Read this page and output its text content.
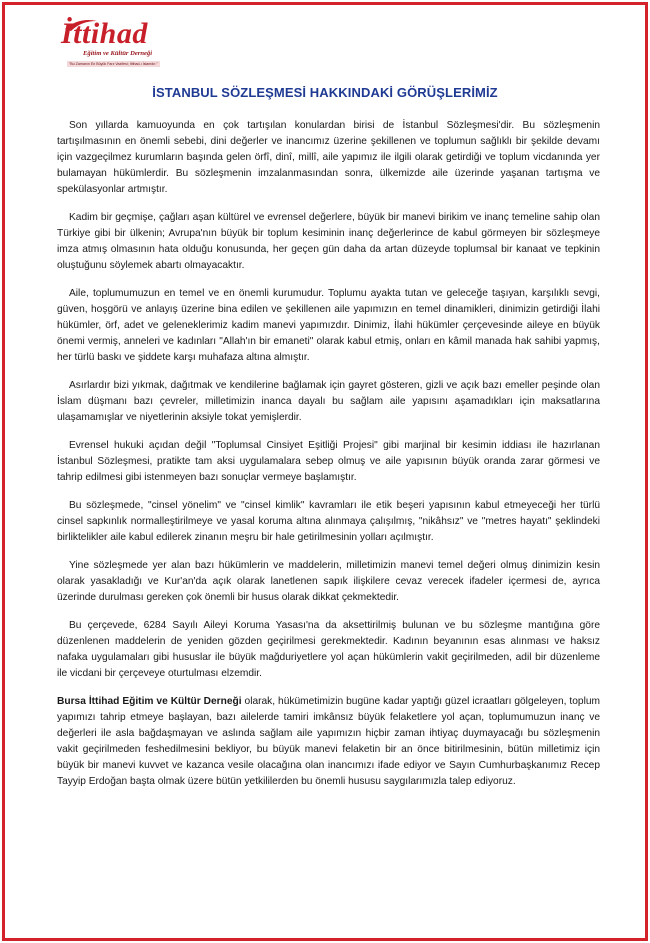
İttihad
Eğitim ve Kültür Derneği
"Bu Zamanın En Büyük Farz Vazifesi; İttihad-ı İslamdır."
İSTANBUL SÖZLEŞMESİ HAKKINDAKİ GÖRÜŞLERİMİZ

Son yıllarda kamuoyunda en çok tartışılan konulardan birisi de İstanbul Sözleşmesi'dir. Bu sözleşmenin tartışılmasının en önemli sebebi, dini değerler ve inancımız üzerine şekillenen ve toplumun sağlıklı bir şekilde devamı için vazgeçilmez kurumların başında gelen örfî, dinî, millî, aile yapımız ile ilgili olarak getirdiği ve toplum vicdanında yer bulamayan hükümlerdir. Bu sözleşmenin imzalanmasından sonra, ülkemizde aile üzerinde yaşanan tartışma ve spekülasyonlar artmıştır.

Kadim bir geçmişe, çağları aşan kültürel ve evrensel değerlere, büyük bir manevi birikim ve inanç temeline sahip olan Türkiye gibi bir ülkenin; Avrupa'nın büyük bir toplum kesiminin inanç değerlerince de kabul görmeyen bir sözleşmeye imza atmış olmasının hata olduğu konusunda, her geçen gün daha da artan düzeyde toplumsal bir kanaat ve tepkinin oluştuğunu söylemek abartı olmayacaktır.

Aile, toplumumuzun en temel ve en önemli kurumudur. Toplumu ayakta tutan ve geleceğe taşıyan, karşılıklı sevgi, güven, hoşgörü ve anlayış üzerine bina edilen ve şekillenen aile yapımızın en temel dinamikleri, dinimizin getirdiği İlahi hükümler, örf, adet ve geleneklerimiz kadim manevi yapımızdır. Dinimiz, İlahi hükümler çerçevesinde aileye en büyük önemi vermiş, anneleri ve kadınları "Allah'ın bir emaneti" olarak kabul etmiş, onları en kâmil manada hak sahibi yapmış, her türlü baskı ve şiddete karşı muhafaza altına almıştır.

Asırlardır bizi yıkmak, dağıtmak ve kendilerine bağlamak için gayret gösteren, gizli ve açık bazı emeller peşinde olan İslam düşmanı bazı çevreler, milletimizin inanca dayalı bu sağlam aile yapısını aşamadıkları için maksatlarına ulaşamamışlar ve niyetlerinin aksiyle tokat yemişlerdir.

Evrensel hukuki açıdan değil "Toplumsal Cinsiyet Eşitliği Projesi" gibi marjinal bir kesimin iddiası ile hazırlanan İstanbul Sözleşmesi, pratikte tam aksi uygulamalara sebep olmuş ve aile yapısının büyük oranda zarar görmesi ve tahrip edilmesi gibi istenmeyen bazı sonuçlar vermeye başlamıştır.

Bu sözleşmede, "cinsel yönelim" ve "cinsel kimlik" kavramları ile etik beşeri yapısının kabul etmeyeceği her türlü cinsel sapkınlık normalleştirilmeye ve yasal koruma altına alınmaya çalışılmış, "nikâhsız" ve "metres hayatı" şeklindeki birliktelikler aile kabul edilerek zinanın meşru bir hale getirilmesinin yolları açılmıştır.

Yine sözleşmede yer alan bazı hükümlerin ve maddelerin, milletimizin manevi temel değeri olmuş dinimizin kesin olarak yasakladığı ve Kur'an'da açık olarak lanetlenen sapık ilişkilere cevaz verecek ifadeler içermesi de, ayrıca üzerinde durulması gereken çok önemli bir husus olarak dikkat çekmektedir.

Bu çerçevede, 6284 Sayılı Aileyi Koruma Yasası'na da aksettirilmiş bulunan ve bu sözleşme mantığına göre düzenlenen maddelerin de yeniden gözden geçirilmesi gerekmektedir. Kadının beyanının esas alınması ve haksız nafaka uygulamaları gibi hususlar ile büyük mağduriyetlere yol açan hükümlerin vakit geçirilmeden, adil bir düzenleme ile vicdani bir çerçeveye oturtulması elzemdir.

Bursa İttihad Eğitim ve Kültür Derneği olarak, hükümetimizin bugüne kadar yaptığı güzel icraatları gölgeleyen, toplum yapımızı tahrip etmeye başlayan, bazı ailelerde tamiri imkânsız büyük felaketlere yol açan, toplumumuzun inanç ve değerleri ile asla bağdaşmayan ve aslında sağlam aile yapımızın hiçbir zaman ihtiyaç duymayacağı bu sözleşmenin vakit geçirilmeden feshedilmesini bekliyor, bu büyük manevi felaketin bir an önce bitirilmesinin, bütün milletimiz için büyük bir manevi kuvvet ve kazanca vesile olacağına olan inancımızı ifade ediyor ve Sayın Cumhurbaşkanımız Recep Tayyip Erdoğan başta olmak üzere bütün yetkililerden bu önemli hususu saygılarımızla talep ediyoruz.
